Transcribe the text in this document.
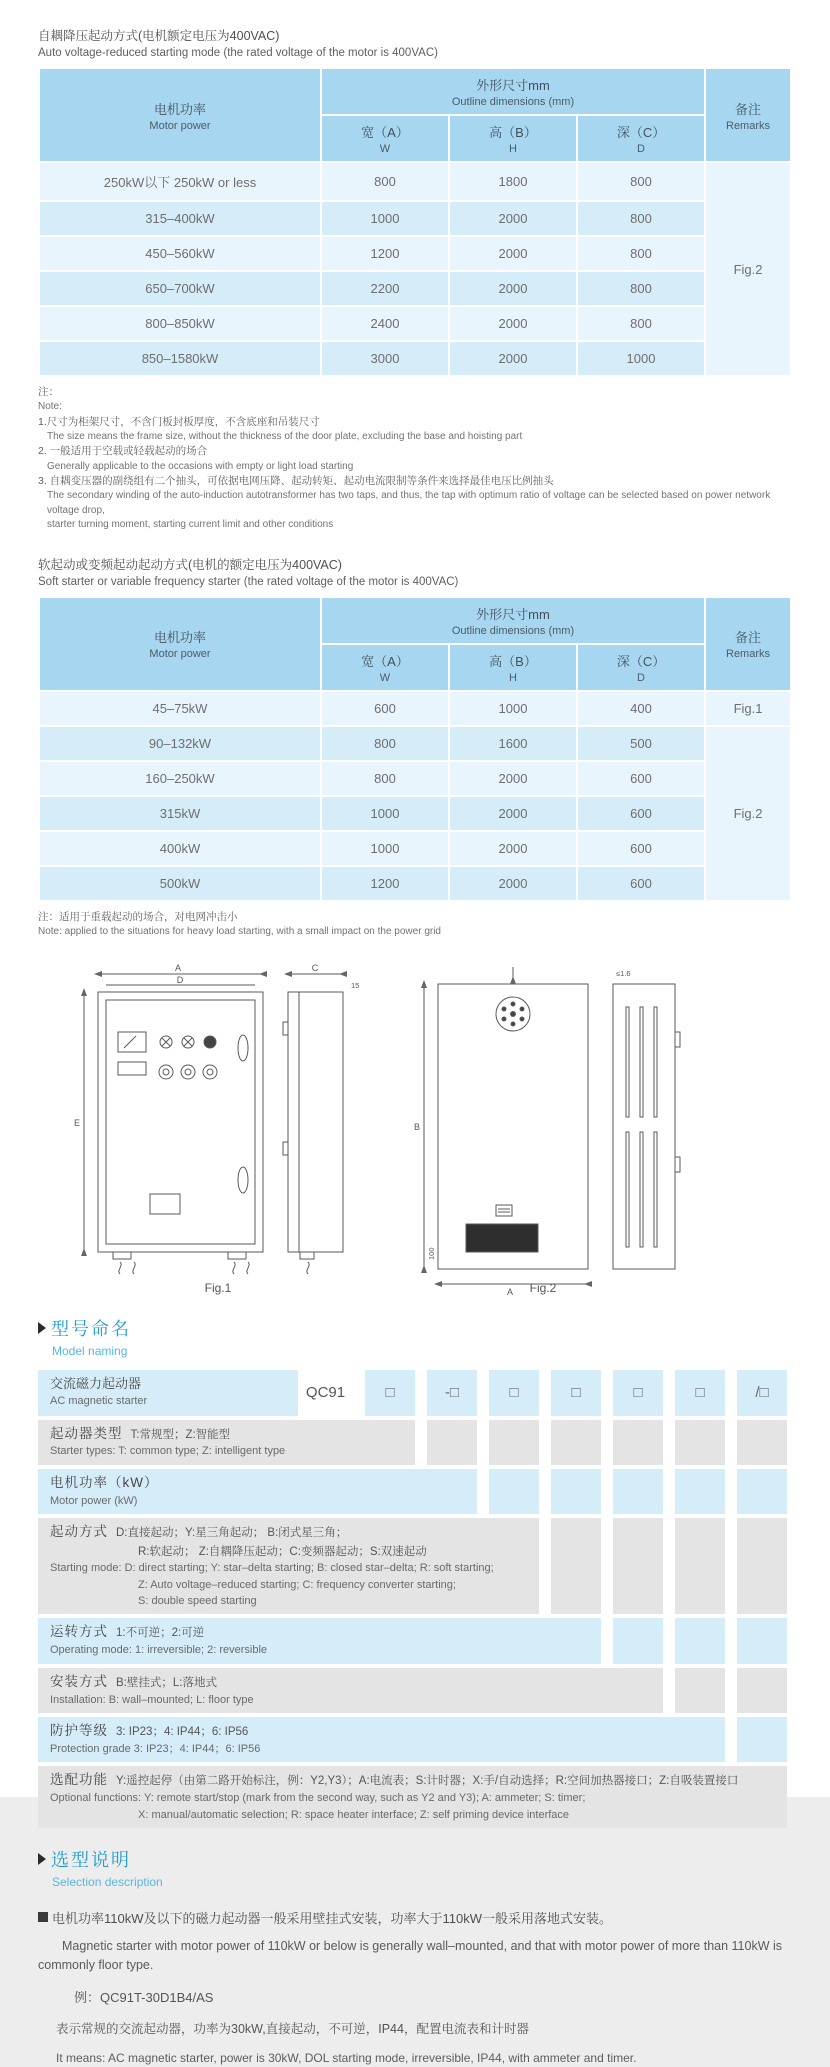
自耦降压起动方式(电机额定电压为400VAC)
Auto voltage-reduced starting mode (the rated voltage of the motor is 400VAC)
电机功率
Motor power

外形尺寸mm
Outline dimensions (mm)	备注
Remarks

宽（A）
W

高（B）
H

深（C）
D

250kW以下 250kW or less	800	1800	800	Fig.2
315–400kW	1000	2000	800	
450–560kW	1200	2000	800	
650–700kW	2200	2000	800	
800–850kW	2400	2000	800	
850–1580kW	3000	2000	1000	
注：
Note:
1.尺寸为柜架尺寸，不含门板封板厚度，不含底座和吊装尺寸
The size means the frame size, without the thickness of the door plate, excluding the base and hoisting part
2. 一般适用于空载或轻载起动的场合
Generally applicable to the occasions with empty or light load starting
3. 自耦变压器的副绕组有二个抽头，可依据电网压降、起动转矩、起动电流限制等条件来选择最佳电压比例抽头
The secondary winding of the auto-induction autotransformer has two taps, and thus, the tap with optimum ratio of voltage can be selected based on power network voltage drop,
starter turning moment, starting current limit and other conditions
软起动或变频起动起动方式(电机的额定电压为400VAC)
Soft starter or variable frequency starter (the rated voltage of the motor is 400VAC)
电机功率
Motor power

外形尺寸mm
Outline dimensions (mm)	备注
Remarks

宽（A）
W

高（B）
H

深（C）
D

45–75kW	600	1000	400	Fig.1
90–132kW	800	1600	500	Fig.2
160–250kW	800	2000	600	
315kW	1000	2000	600	
400kW	1000	2000	600	
500kW	1200	2000	600	
注：适用于重载起动的场合，对电网冲击小
Note: applied to the situations for heavy load starting, with a small impact on the power grid
A
D
E
C
15
B
100
A
≤1.6
Fig.1	Fig.2
型号命名
Model naming
交流磁力起动器
AC magnetic starter	QC91	□	-□	□	□	□	□	/□
起动器类型 T:常规型；Z:智能型
Starter types: T: common type; Z: intelligent type
电机功率（kW）
Motor power (kW)
起动方式 D:直接起动；Y:星三角起动； B:闭式星三角；
R:软起动； Z:自耦降压起动；C:变频器起动；S:双速起动
Starting mode: D: direct starting; Y: star–delta starting; B: closed star–delta; R: soft starting;
Z: Auto voltage–reduced starting; C: frequency converter starting;
S: double speed starting
运转方式 1:不可逆；2:可逆
Operating mode: 1: irreversible; 2: reversible
安装方式 B:壁挂式；L:落地式
Installation: B: wall–mounted; L: floor type
防护等级 3: IP23；4: IP44；6: IP56
Protection grade 3: IP23；4: IP44；6: IP56
选配功能 Y:遥控起停（由第二路开始标注，例：Y2,Y3）；A:电流表；S:计时器；X:手/自动选择；R:空间加热器接口；Z:自吸装置接口
Optional functions: Y: remote start/stop (mark from the second way, such as Y2 and Y3); A: ammeter; S: timer;
X: manual/automatic selection; R: space heater interface; Z: self priming device interface
选型说明
Selection description
电机功率110kW及以下的磁力起动器一般采用壁挂式安装，功率大于110kW一般采用落地式安装。
Magnetic starter with motor power of 110kW or below is generally wall–mounted, and that with motor power of more than 110kW is commonly floor type.
例：QC91T-30D1B4/AS
表示常规的交流起动器，功率为30kW,直接起动，不可逆，IP44，配置电流表和计时器
It means: AC magnetic starter, power is 30kW, DOL starting mode, irreversible, IP44, with ammeter and timer.
